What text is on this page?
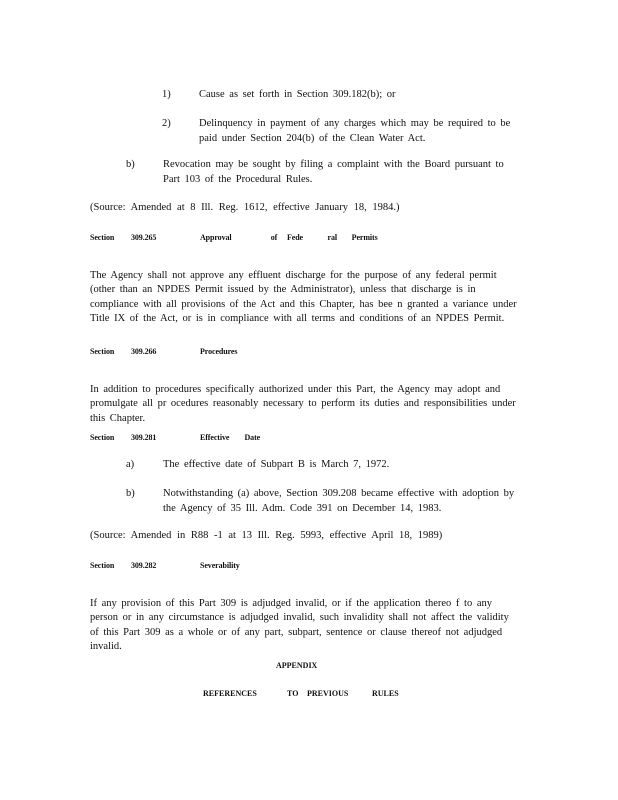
1)	Cause as set forth in Section 309.182(b); or
2)	Delinquency in payment of any charges which may be required to be paid under Section 204(b) of the Clean Water Act.
b)	Revocation may be sought by filing a complaint with the Board pursuant to Part 103 of the Procedural Rules.
(Source: Amended at 8 Ill. Reg. 1612, effective January 18, 1984.)
Section 309.265	Approval        of  Fede     ral   Permits

The Agency shall not approve any effluent discharge for the purpose of any federal permit (other than an NPDES Permit issued by the Administrator), unless that discharge is in compliance with all provisions of the Act and this Chapter, has bee n granted a variance under Title IX of the Act, or is in compliance with all terms and conditions of an NPDES Permit.

Section 309.266	Procedures

In addition to procedures specifically authorized under this Part, the Agency may adopt and promulgate all pr ocedures reasonably necessary to perform its duties and responsibilities under this Chapter.

Section 309.281	Effective        Date
a)	The effective date of Subpart B is March 7, 1972.
b)	Notwithstanding (a) above, Section 309.208 became effective with adoption by the Agency of 35 Ill. Adm. Code 391 on December 14, 1983.
(Source: Amended in R88 -1 at 13 Ill. Reg. 5993, effective April 18, 1989)
Section 309.282	Severability

If any provision of this Part 309 is adjudged invalid, or if the application thereo f to any person or in any circumstance is adjudged invalid, such invalidity shall not affect the validity of this Part 309 as a whole or of any part, subpart, sentence or clause thereof not adjudged invalid.

APPENDIX
REFERENCES	TO PREVIOUS	RULES
